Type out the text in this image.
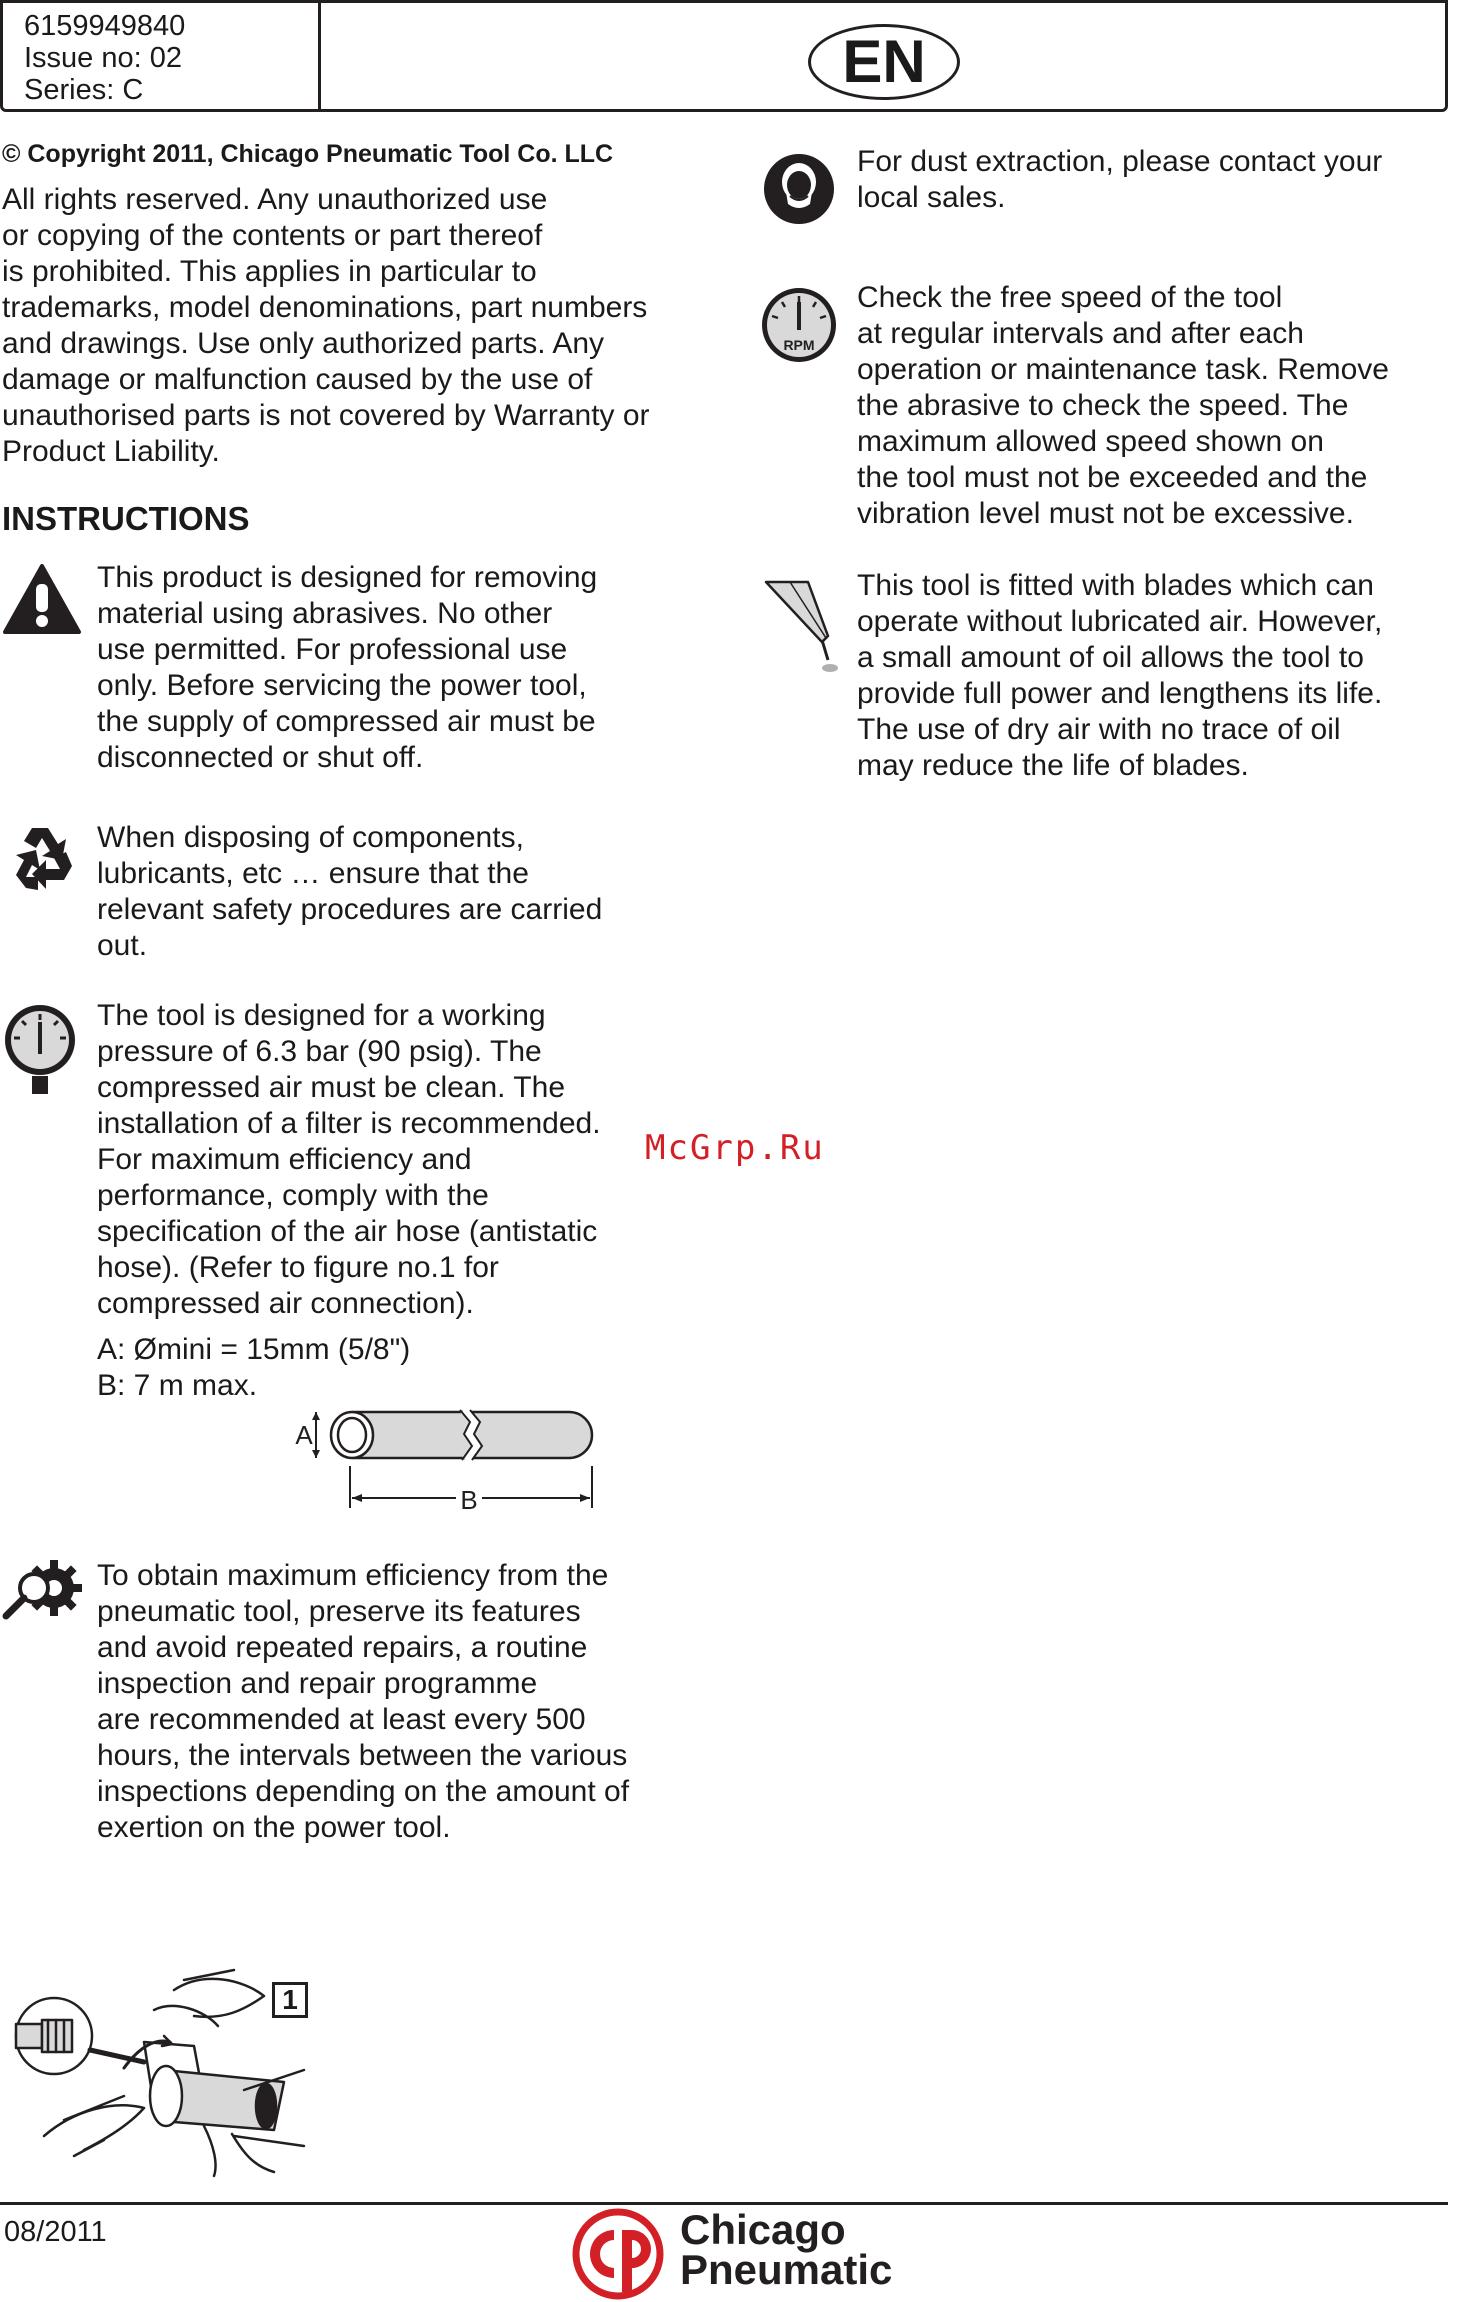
6159949840
Issue no: 02
Series: C	EN
© Copyright 2011, Chicago Pneumatic Tool Co. LLC
All rights reserved. Any unauthorized use
or copying of the contents or part thereof
is prohibited. This applies in particular to
trademarks, model denominations, part numbers
and drawings. Use only authorized parts. Any
damage or malfunction caused by the use of
unauthorised parts is not covered by Warranty or
Product Liability.
INSTRUCTIONS
This product is designed for removing
material using abrasives. No other
use permitted. For professional use
only. Before servicing the power tool,
the supply of compressed air must be
disconnected or shut off.
When disposing of components,
lubricants, etc … ensure that the
relevant safety procedures are carried
out.
The tool is designed for a working
pressure of 6.3 bar (90 psig). The
compressed air must be clean. The
installation of a filter is recommended.
For maximum efficiency and
performance, comply with the
specification of the air hose (antistatic
hose). (Refer to figure no.1 for
compressed air connection).
A: Ømini = 15mm (5/8")
B: 7 m max.
A
B
To obtain maximum efficiency from the
pneumatic tool, preserve its features
and avoid repeated repairs, a routine
inspection and repair programme
are recommended at least every 500
hours, the intervals between the various
inspections depending on the amount of
exertion on the power tool.
1
For dust extraction, please contact your
local sales.
RPM
Check the free speed of the tool
at regular intervals and after each
operation or maintenance task. Remove
the abrasive to check the speed. The
maximum allowed speed shown on
the tool must not be exceeded and the
vibration level must not be excessive.
This tool is fitted with blades which can
operate without lubricated air. However,
a small amount of oil allows the tool to
provide full power and lengthens its life.
The use of dry air with no trace of oil
may reduce the life of blades.
McGrp.Ru
08/2011	Chicago
Pneumatic
